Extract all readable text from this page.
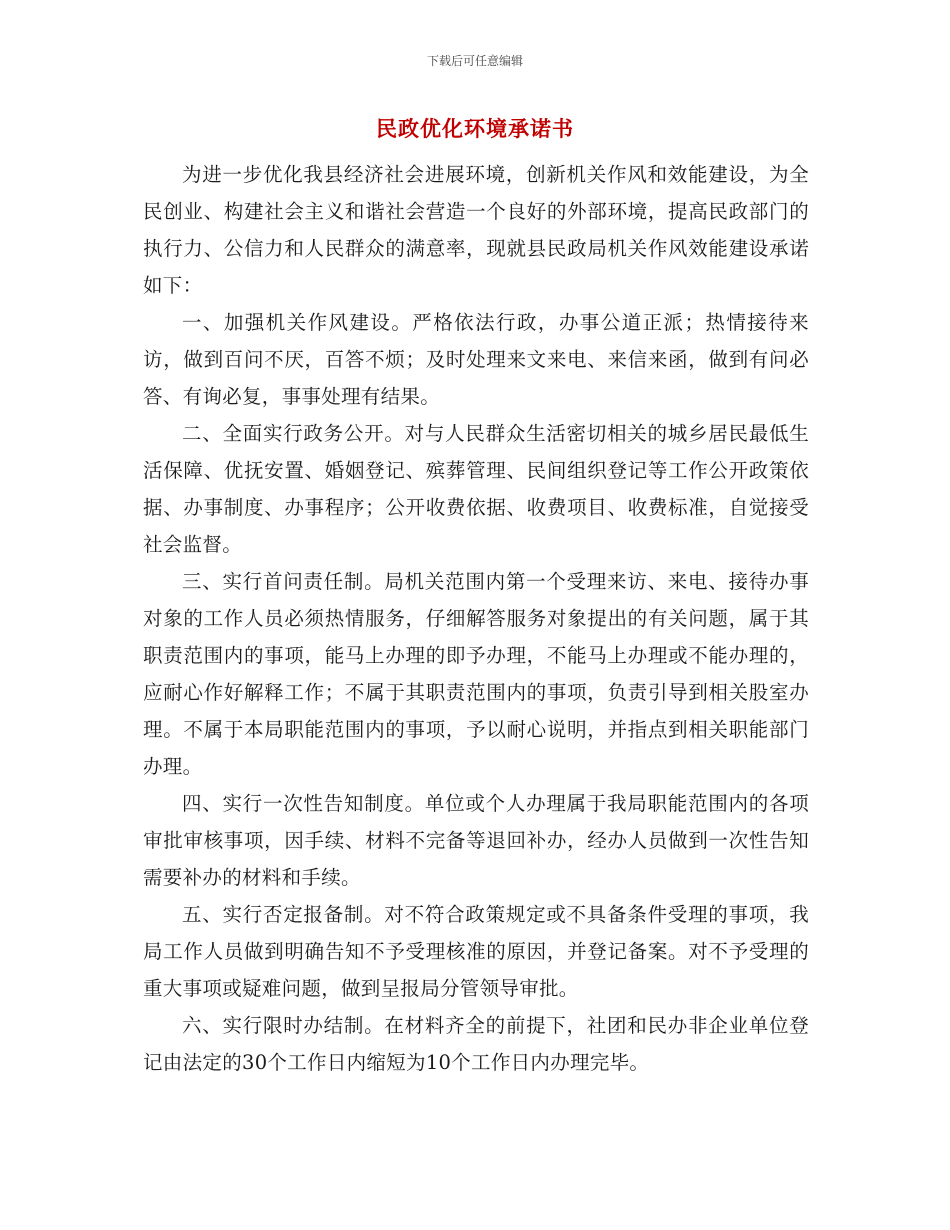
下载后可任意编辑
民政优化环境承诺书

为进一步优化我县经济社会进展环境，创新机关作风和效能建设，为全民创业、构建社会主义和谐社会营造一个良好的外部环境，提高民政部门的执行力、公信力和人民群众的满意率，现就县民政局机关作风效能建设承诺如下：

一、加强机关作风建设。严格依法行政，办事公道正派；热情接待来访，做到百问不厌，百答不烦；及时处理来文来电、来信来函，做到有问必答、有询必复，事事处理有结果。

二、全面实行政务公开。对与人民群众生活密切相关的城乡居民最低生活保障、优抚安置、婚姻登记、殡葬管理、民间组织登记等工作公开政策依据、办事制度、办事程序；公开收费依据、收费项目、收费标准，自觉接受社会监督。

三、实行首问责任制。局机关范围内第一个受理来访、来电、接待办事对象的工作人员必须热情服务，仔细解答服务对象提出的有关问题，属于其职责范围内的事项，能马上办理的即予办理，不能马上办理或不能办理的，应耐心作好解释工作；不属于其职责范围内的事项，负责引导到相关股室办理。不属于本局职能范围内的事项，予以耐心说明，并指点到相关职能部门办理。

四、实行一次性告知制度。单位或个人办理属于我局职能范围内的各项审批审核事项，因手续、材料不完备等退回补办，经办人员做到一次性告知需要补办的材料和手续。

五、实行否定报备制。对不符合政策规定或不具备条件受理的事项，我局工作人员做到明确告知不予受理核准的原因，并登记备案。对不予受理的重大事项或疑难问题，做到呈报局分管领导审批。

六、实行限时办结制。在材料齐全的前提下，社团和民办非企业单位登记由法定的30个工作日内缩短为10个工作日内办理完毕。
